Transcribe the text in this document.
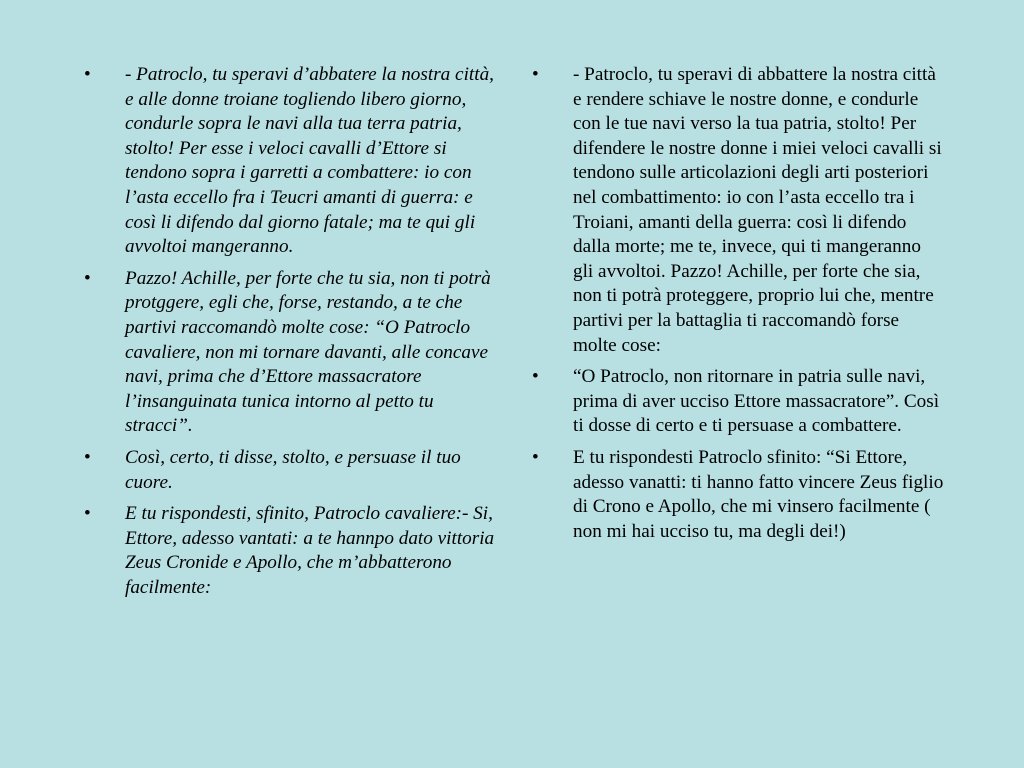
• - Patroclo, tu speravi d’abbatere la nostra città, e alle donne troiane togliendo libero giorno, condurle sopra le navi alla tua terra patria, stolto! Per esse i veloci cavalli d’Ettore si tendono sopra i garretti a combattere: io con l’asta eccello fra i Teucri amanti di guerra: e così li difendo dal giorno fatale; ma te qui gli avvoltoi mangeranno.
• Pazzo! Achille, per forte che tu sia, non ti potrà protggere, egli che, forse, restando, a te che partivi raccomandò molte cose: “O Patroclo cavaliere, non mi tornare davanti, alle concave navi, prima che d’Ettore massacratore l’insanguinata tunica intorno al petto tu stracci”.
• Così, certo, ti disse, stolto, e persuase il tuo cuore.
• E tu rispondesti, sfinito, Patroclo cavaliere:- Si, Ettore, adesso vantati: a te hannpo dato vittoria Zeus Cronide e Apollo, che m’abbatterono facilmente:
• - Patroclo, tu speravi di abbattere la nostra città e rendere schiave le nostre donne, e condurle con le tue navi verso la tua patria, stolto! Per difendere le nostre donne i miei veloci cavalli si tendono sulle articolazioni degli arti posteriori nel combattimento: io con l’asta eccello tra i Troiani, amanti della guerra: così li difendo dalla morte; me te, invece, qui ti mangeranno gli avvoltoi. Pazzo! Achille, per forte che sia, non ti potrà proteggere, proprio lui che, mentre partivi per la battaglia ti raccomandò forse molte cose:
• “O Patroclo, non ritornare in patria sulle navi, prima di aver ucciso Ettore massacratore”. Così ti dosse di certo e ti persuase a combattere.
• E tu rispondesti Patroclo sfinito: “Si Ettore, adesso vanatti: ti hanno fatto vincere Zeus figlio di Crono e Apollo, che mi vinsero facilmente ( non mi hai ucciso tu, ma degli dei!)
